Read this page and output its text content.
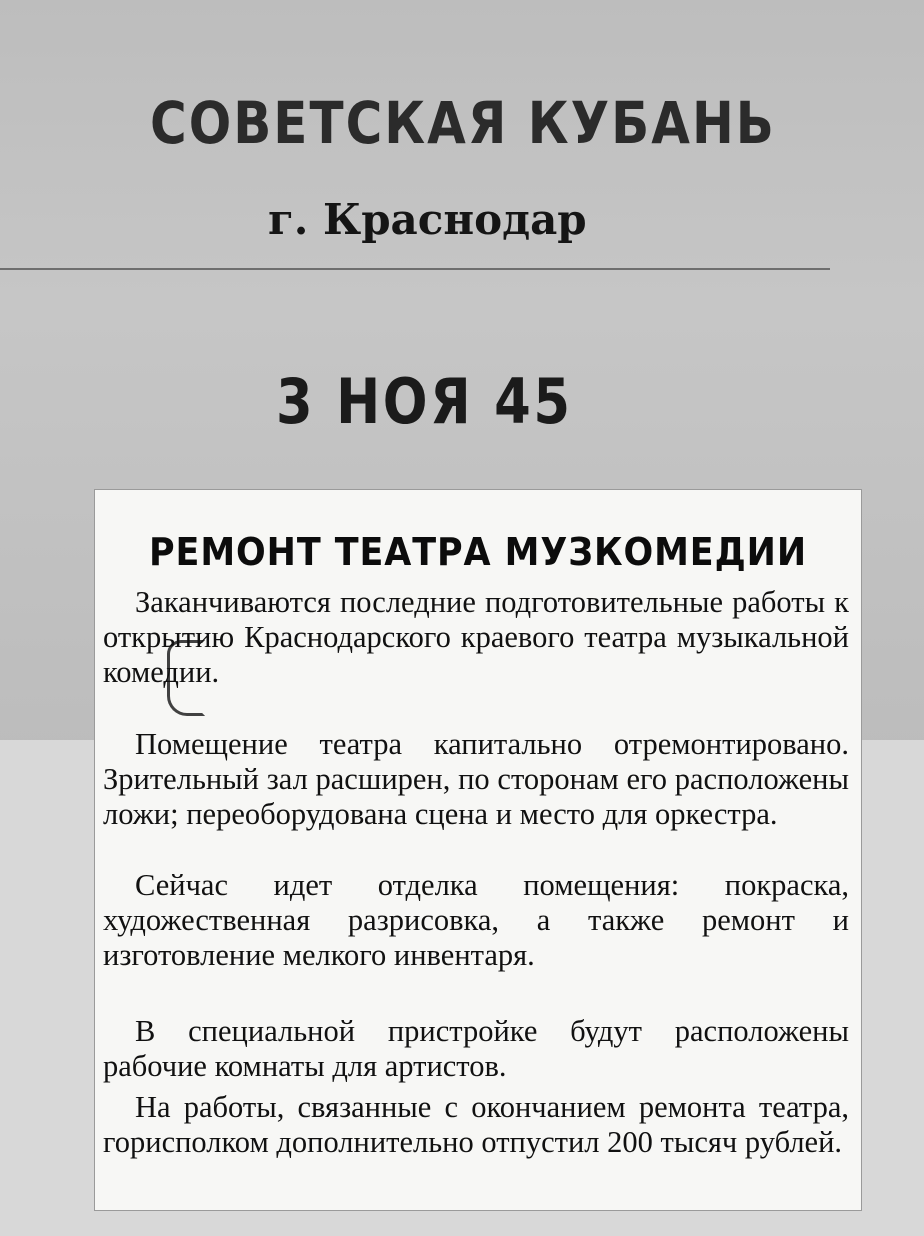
СОВЕТСКАЯ КУБАНЬ
г. Краснодар
3 НОЯ 45
РЕМОНТ ТЕАТРА МУЗКОМЕДИИ
Заканчиваются последние подготовительные работы к открытию Краснодарского краевого театра музыкальной комедии.
Помещение театра капитально отремонтировано. Зрительный зал расширен, по сторонам его расположены ложи; переоборудована сцена и место для оркестра.
Сейчас идет отделка помещения: покраска, художественная разрисовка, а также ремонт и изготовление мелкого инвентаря.
В специальной пристройке будут расположены рабочие комнаты для артистов.
На работы, связанные с окончанием ремонта театра, горисполком дополнительно отпустил 200 тысяч рублей.
